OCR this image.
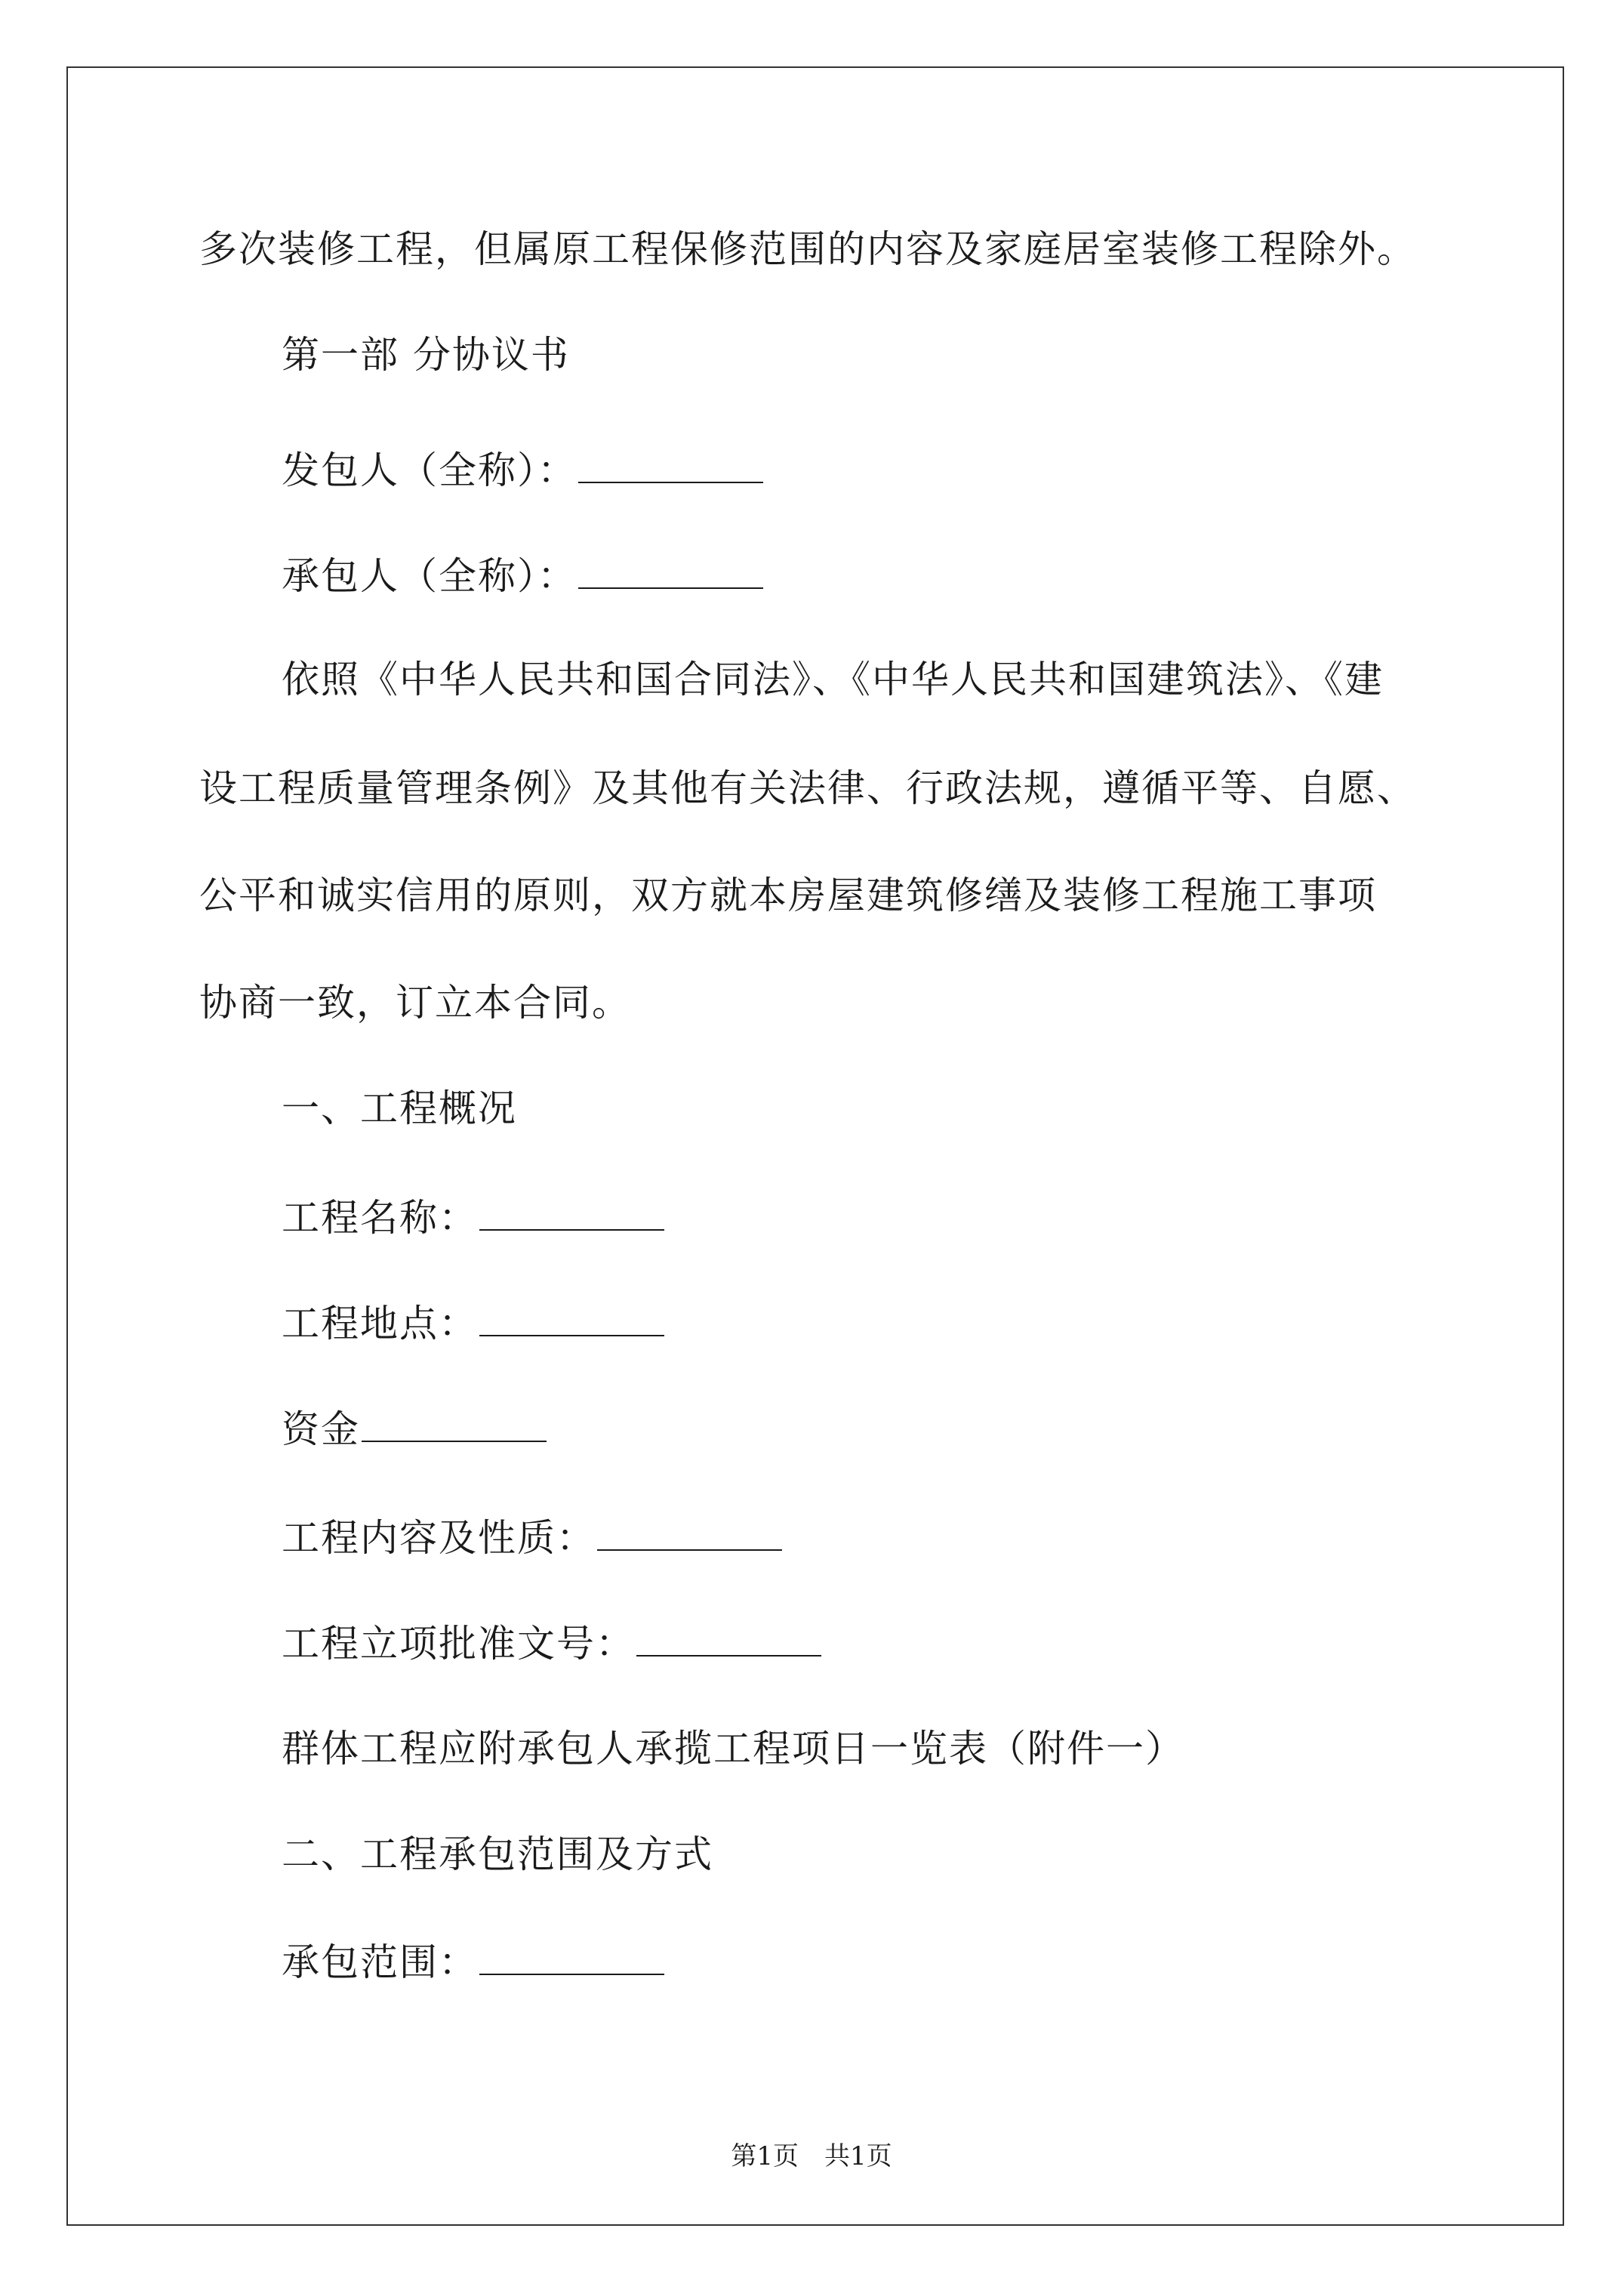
多次装修工程，但属原工程保修范围的内容及家庭居室装修工程除外。
第一部 分协议书
发包人（全称）：
承包人（全称）：
依照《中华人民共和国合同法》、《中华人民共和国建筑法》、《建
设工程质量管理条例》及其他有关法律、行政法规，遵循平等、自愿、
公平和诚实信用的原则，双方就本房屋建筑修缮及装修工程施工事项
协商一致，订立本合同。
一、工程概况
工程名称：
工程地点：
资金
工程内容及性质：
工程立项批准文号：
群体工程应附承包人承揽工程项日一览表（附件一）
二、工程承包范围及方式
承包范围：
第1页　共1页
